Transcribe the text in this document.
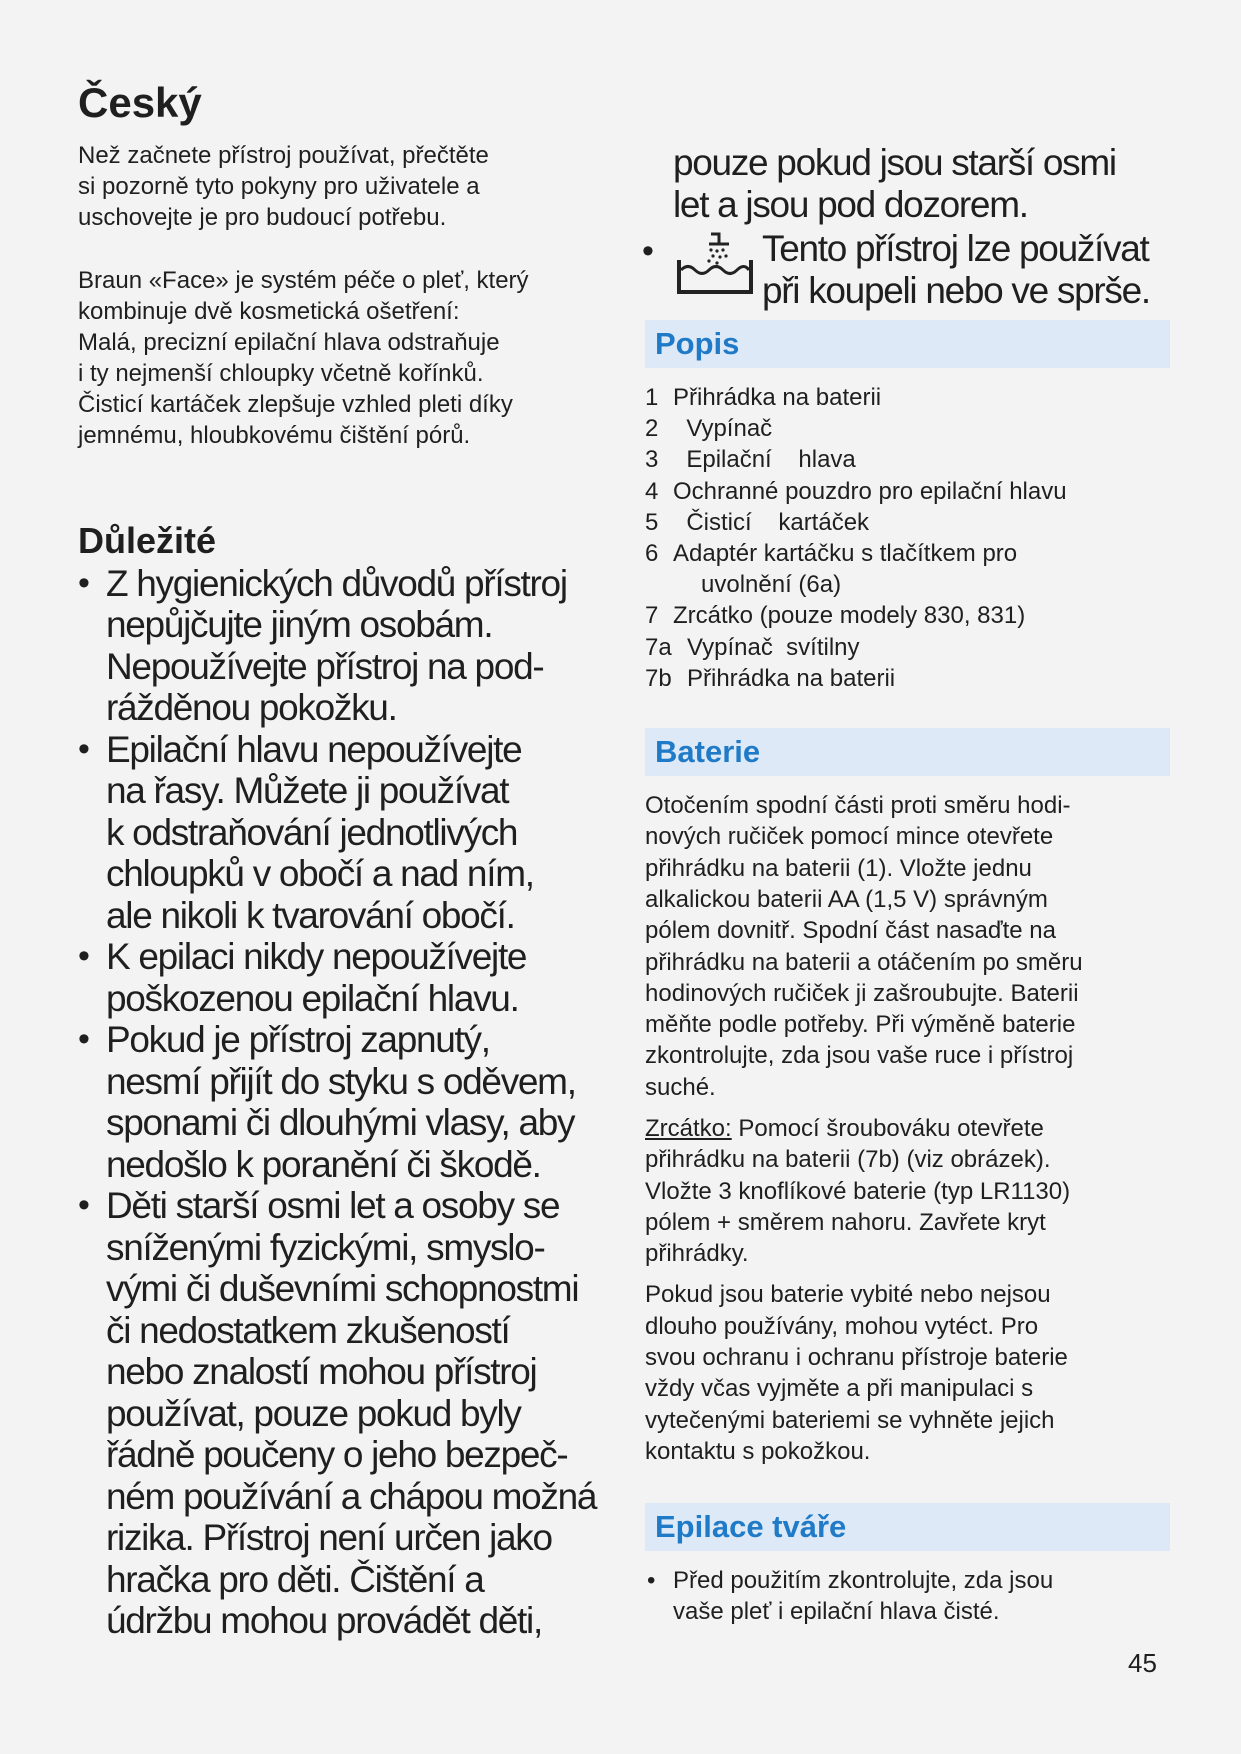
Český

Než začnete přístroj používat, přečtěte
si pozorně tyto pokyny pro uživatele a
uschovejte je pro budoucí potřebu.

Braun «Face» je systém péče o pleť, který
kombinuje dvě kosmetická ošetření:
Malá, precizní epilační hlava odstraňuje
i ty nejmenší chloupky včetně kořínků.
Čisticí kartáček zlepšuje vzhled pleti díky
jemnému, hloubkovému čištění pórů.

Důležité
• Z hygienických důvodů přístroj
nepůjčujte jiným osobám.
Nepoužívejte přístroj na pod-
rážděnou pokožku.
• Epilační hlavu nepoužívejte
na řasy. Můžete ji používat
k odstraňování jednotlivých
chloupků v obočí a nad ním,
ale nikoli k tvarování obočí.
• K epilaci nikdy nepoužívejte
poškozenou epilační hlavu.
• Pokud je přístroj zapnutý,
nesmí přijít do styku s oděvem,
sponami či dlouhými vlasy, aby
nedošlo k poranění či škodě.
• Děti starší osmi let a osoby se
sníženými fyzickými, smyslo-
vými či duševními schopnostmi
či nedostatkem zkušeností
nebo znalostí mohou přístroj
používat, pouze pokud byly
řádně poučeny o jeho bezpeč-
ném používání a chápou možná
rizika. Přístroj není určen jako
hračka pro děti. Čištění a
údržbu mohou provádět děti,

pouze pokud jsou starší osmi
let a jsou pod dozorem.

•	Tento přístroj lze používat
při koupeli nebo ve sprše.
Popis
1 Přihrádka na baterii
2 Vypínač
3 Epilační    hlava
4 Ochranné pouzdro pro epilační hlavu
5 Čisticí    kartáček
6 Adaptér kartáčku s tlačítkem pro
uvolnění (6a)
7 Zrcátko (pouze modely 830, 831)
7a Vypínač  svítilny
7b Přihrádka na baterii
Baterie

Otočením spodní části proti směru hodi-
nových ručiček pomocí mince otevřete
přihrádku na baterii (1). Vložte jednu
alkalickou baterii AA (1,5 V) správným
pólem dovnitř. Spodní část nasaďte na
přihrádku na baterii a otáčením po směru
hodinových ručiček ji zašroubujte. Baterii
měňte podle potřeby. Při výměně baterie
zkontrolujte, zda jsou vaše ruce i přístroj
suché.

Zrcátko: Pomocí šroubováku otevřete
přihrádku na baterii (7b) (viz obrázek).
Vložte 3 knoflíkové baterie (typ LR1130)
pólem + směrem nahoru. Zavřete kryt
přihrádky.

Pokud jsou baterie vybité nebo nejsou
dlouho používány, mohou vytéct. Pro
svou ochranu i ochranu přístroje baterie
vždy včas vyjměte a při manipulaci s
vytečenými bateriemi se vyhněte jejich
kontaktu s pokožkou.

Epilace tváře
• Před použitím zkontrolujte, zda jsou
vaše pleť i epilační hlava čisté.
45
